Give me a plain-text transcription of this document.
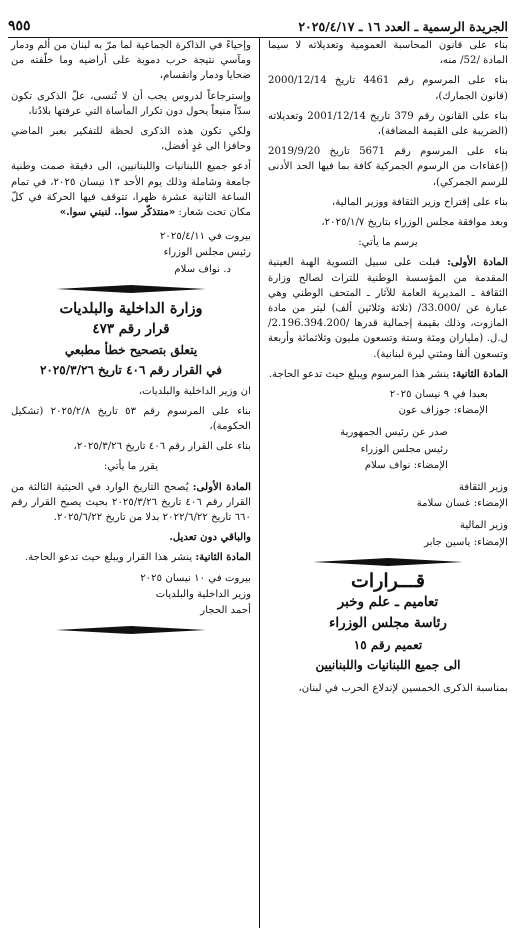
الجريدة الرسمية ـ العدد ١٦ ـ ٢٠٢٥/٤/١٧
٩٥٥

بناء على قانون المحاسبة العمومية وتعديلاته لا سيما المادة /52/ منه،

بناء على المرسوم رقم 4461 تاريخ 2000/12/14 (قانون الجمارك)،

بناء على القانون رقم 379 تاريخ 2001/12/14 وتعديلاته (الضريبة على القيمة المضافة)،

بناء على المرسوم رقم 5671 تاريخ 2019/9/20 (إعفاءات من الرسوم الجمركية كافة بما فيها الحد الأدنى للرسم الجمركي)،

بناء على إقتراح وزير الثقافة ووزير المالية،

وبعد موافقة مجلس الوزراء بتاريخ ٢٠٢٥/١/٧،

يرسم ما يأتي:

المادة الأولى: قبلت على سبيل التسوية الهبة العينية المقدمة من المؤسسة الوطنية للتراث لصالح وزارة الثقافة ـ المديرية العامة للآثار ـ المتحف الوطني وهي عبارة عن /33.000/ (ثلاثة وثلاثين ألف) ليتر من مادة المازوت، وذلك بقيمة إجمالية قدرها /2.196.394.200/ ل.ل. (ملياران ومئة وستة وتسعون مليون وثلاثمائة وأربعة وتسعون ألفا ومئتي ليرة لبنانية).

المادة الثانية: ينشر هذا المرسوم ويبلغ حيث تدعو الحاجة.

بعبدا في ٩ نيسان ٢٠٢٥
الإمضاء: جوزاف عون
صدر عن رئيس الجمهورية
رئيس مجلس الوزراء
الإمضاء: نواف سلام
وزير الثقافة
الإمضاء: غسان سلامة
وزير المالية
الإمضاء: ياسين جابر
قـــرارات
تعاميم ـ علم وخبر
رئاسة مجلس الوزراء
تعميم رقم ١٥
الى جميع اللبنانيات واللبنانيين

بمناسبة الذكرى الخمسين لإندلاع الحرب في لبنان،

وإحياءً في الذاكرة الجماعية لما مرّ به لبنان من ألم ودمار ومآسي نتيجة حرب دموية على أراضيه وما خلّفته من ضحايا ودمار وانقسام،

وإسترجاعاً لدروس يجب أن لا تُنسى، علّ الذكرى تكون سدّاً منيعاً يحول دون تكرار المأساة التي عرفتها بلادُنا،

ولكي تكون هذه الذكرى لحظة للتفكير بعبر الماضي وحافزا الى غدٍ أفضل،

أدعو جميع اللبنانيات واللبنانيين، الى دقيقة صمت وطنية جامعة وشاملة وذلك يوم الأحد ١٣ نيسان ٢٠٢٥، في تمام الساعة الثانية عشرة ظهرا، تتوقف فيها الحركة في كلّ مكان تحت شعار: «منتذكّر سوا.. لنبني سوا.»

بيروت في ٢٠٢٥/٤/١١
رئيس مجلس الوزراء
د. نواف سلام
وزارة الداخلية والبلديات
قرار رقم ٤٧٣
يتعلق بتصحيح خطأ مطبعي
في القرار رقم ٤٠٦ تاريخ ٢٠٢٥/٣/٢٦

ان وزير الداخلية والبلديات،

بناء على المرسوم رقم ٥٣ تاريخ ٢٠٢٥/٢/٨ (تشكيل الحكومة)،

بناء على القرار رقم ٤٠٦ تاريخ ٢٠٢٥/٣/٢٦،

يقرر ما يأتي:

المادة الأولى: يُصحح التاريخ الوارد في الحيثية الثالثة من القرار رقم ٤٠٦ تاريخ ٢٠٢٥/٣/٢٦ بحيث يصبح القرار رقم ٦٦٠ تاريخ ٢٠٢٢/٦/٢٢ بدلا من تاريخ ٢٠٢٥/٦/٢٢.

والباقي دون تعديل.

المادة الثانية: ينشر هذا القرار ويبلغ حيث تدعو الحاجة.

بيروت في ١٠ نيسان ٢٠٢٥
وزير الداخلية والبلديات
أحمد الحجار
